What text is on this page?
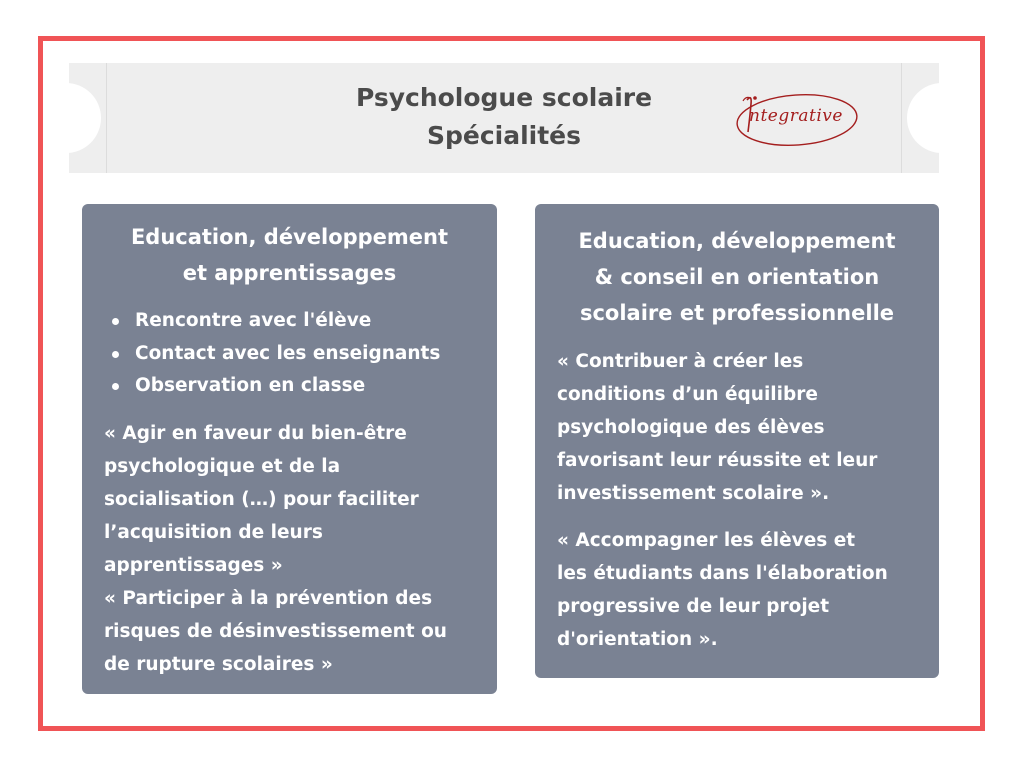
Psychologue scolaire
Spécialités
ntegrative
Education, développement
et apprentissages
Rencontre avec l'élève
Contact avec les enseignants
Observation en classe
« Agir en faveur du bien-être
psychologique et de la
socialisation (…) pour faciliter
l’acquisition de leurs
apprentissages »
« Participer à la prévention des
risques de désinvestissement ou
de rupture scolaires »
Education, développement
& conseil en orientation
scolaire et professionnelle
« Contribuer à créer les
conditions d’un équilibre
psychologique des élèves
favorisant leur réussite et leur
investissement scolaire ».
« Accompagner les élèves et
les étudiants dans l'élaboration
progressive de leur projet
d'orientation ».
